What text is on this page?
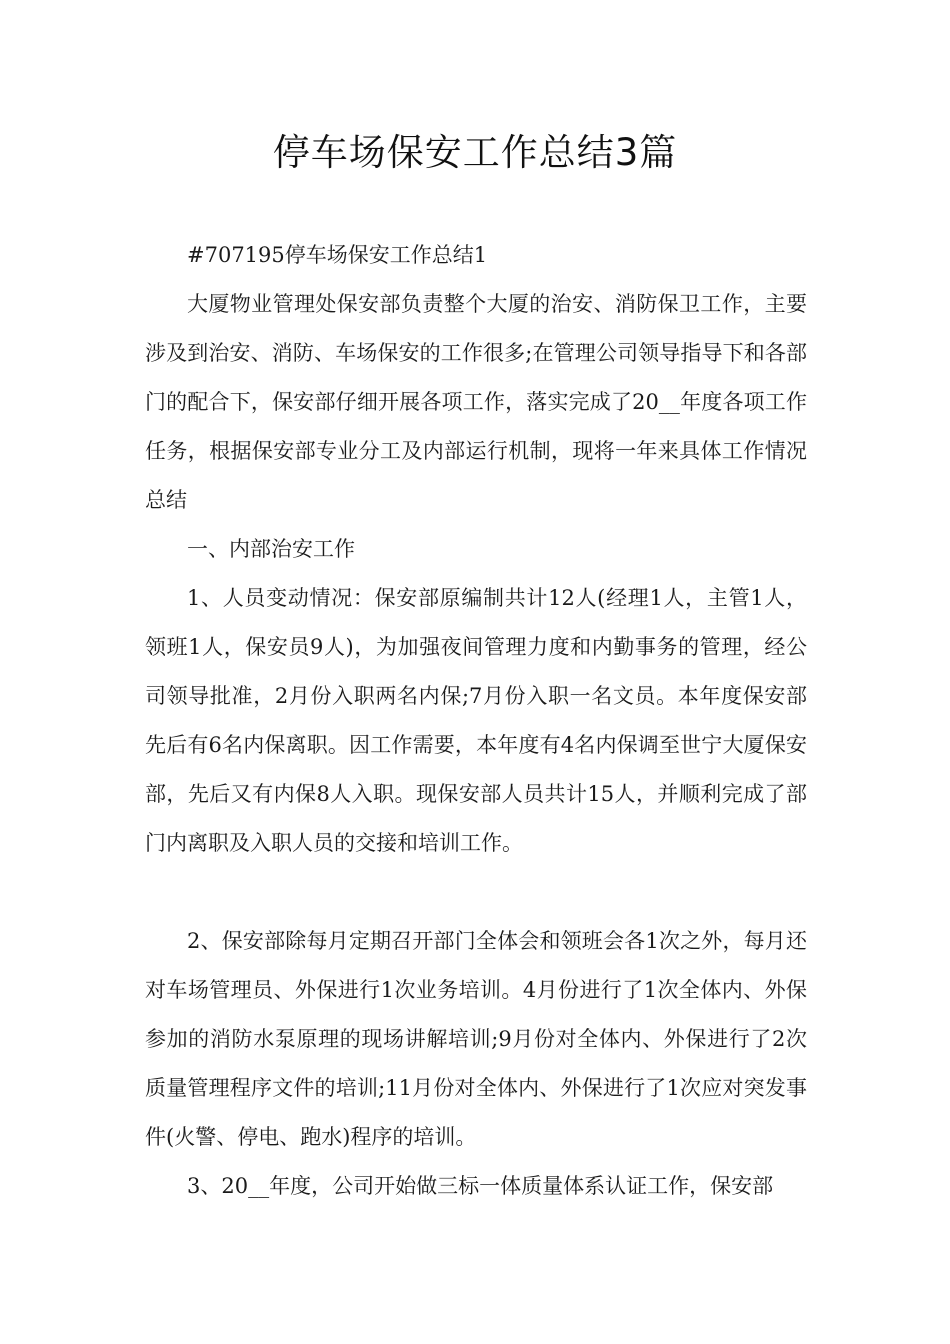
停车场保安工作总结3篇

#707195停车场保安工作总结1

大厦物业管理处保安部负责整个大厦的治安、消防保卫工作，主要涉及到治安、消防、车场保安的工作很多;在管理公司领导指导下和各部门的配合下，保安部仔细开展各项工作，落实完成了20__年度各项工作任务，根据保安部专业分工及内部运行机制，现将一年来具体工作情况总结

一、内部治安工作

1、人员变动情况：保安部原编制共计12人(经理1人，主管1人，领班1人，保安员9人)，为加强夜间管理力度和内勤事务的管理，经公司领导批准，2月份入职两名内保;7月份入职一名文员。本年度保安部先后有6名内保离职。因工作需要，本年度有4名内保调至世宁大厦保安部，先后又有内保8人入职。现保安部人员共计15人，并顺利完成了部门内离职及入职人员的交接和培训工作。

2、保安部除每月定期召开部门全体会和领班会各1次之外，每月还对车场管理员、外保进行1次业务培训。4月份进行了1次全体内、外保参加的消防水泵原理的现场讲解培训;9月份对全体内、外保进行了2次质量管理程序文件的培训;11月份对全体内、外保进行了1次应对突发事件(火警、停电、跑水)程序的培训。

3、20__年度，公司开始做三标一体质量体系认证工作，保安部
